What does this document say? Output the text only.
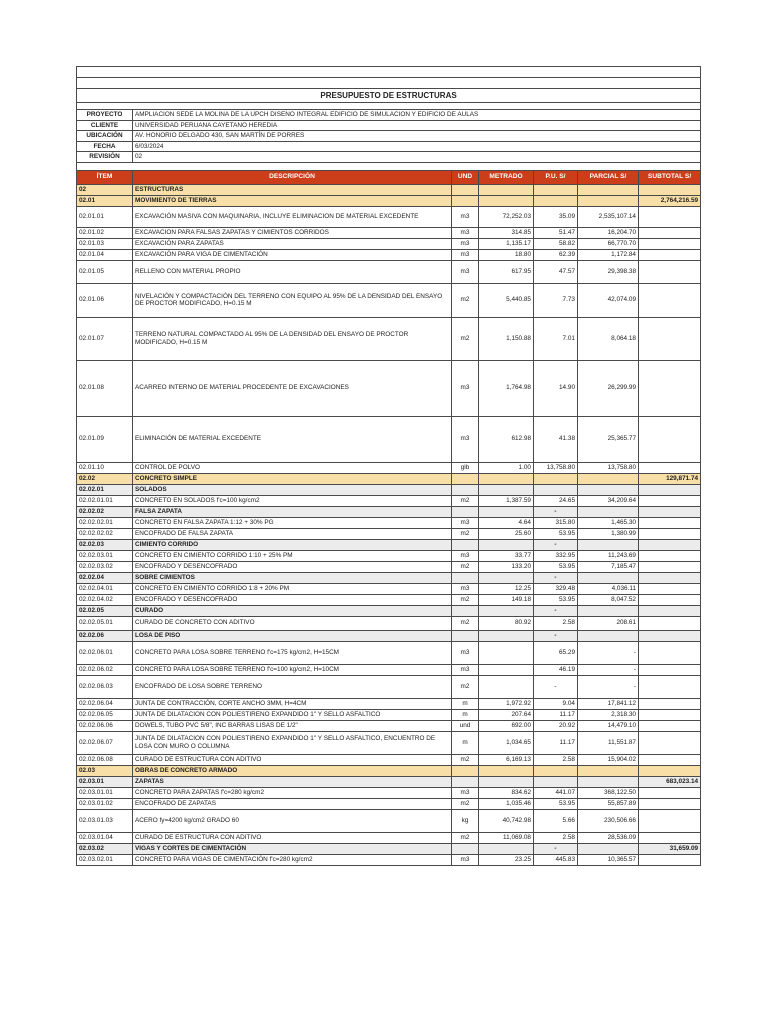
PRESUPUESTO DE ESTRUCTURAS						

PROYECTO	AMPLIACION SEDE LA MOLINA DE LA UPCH DISENO INTEGRAL EDIFICIO DE SIMULACION Y EDIFICIO DE AULAS					
CLIENTE	UNIVERSIDAD PERUANA CAYETANO HEREDIA					
UBICACIÓN	AV. HONORIO DELGADO 430, SAN MARTÍN DE PORRES					
FECHA	6/03/2024					
REVISIÓN	02					

ÍTEM	DESCRIPCIÓN	UND	METRADO	P.U. S/	PARCIAL S/	SUBTOTAL S/
02	ESTRUCTURAS					
02.01	MOVIMIENTO DE TIERRAS					2,764,216.59
02.01.01	EXCAVACIÓN MASIVA CON MAQUINARIA, INCLUYE ELIMINACION DE MATERIAL EXCEDENTE	m3	72,252.03	35.09	2,535,107.14	
02.01.02	EXCAVACION PARA FALSAS ZAPATAS Y CIMIENTOS CORRIDOS	m3	314.85	51.47	16,204.70	
02.01.03	EXCAVACIÓN PARA ZAPATAS	m3	1,135.17	58.82	66,770.70	
02.01.04	EXCAVACIÓN PARA VIGA DE CIMENTACIÓN	m3	18.80	62.39	1,172.84	
02.01.05	RELLENO CON MATERIAL PROPIO	m3	617.95	47.57	29,398.38	
02.01.06	NIVELACIÓN Y COMPACTACIÓN DEL TERRENO CON EQUIPO AL 95% DE LA DENSIDAD DEL ENSAYO DE PROCTOR MODIFICADO, H=0.15 M	m2	5,440.85	7.73	42,074.09	
02.01.07	TERRENO NATURAL COMPACTADO AL 95% DE LA DENSIDAD DEL ENSAYO DE PROCTOR MODIFICADO, H=0.15 M	m2	1,150.88	7.01	8,064.18	
02.01.08	ACARREO INTERNO DE MATERIAL PROCEDENTE DE EXCAVACIONES	m3	1,764.98	14.90	26,299.99	
02.01.09	ELIMINACIÓN DE MATERIAL EXCEDENTE	m3	612.98	41.38	25,365.77	
02.01.10	CONTROL DE POLVO	glb	1.00	13,758.80	13,758.80	
02.02	CONCRETO SIMPLE					129,871.74
02.02.01	SOLADOS					
02.02.01.01	CONCRETO EN SOLADOS f'c=100 kg/cm2	m2	1,387.59	24.65	34,209.64	
02.02.02	FALSA ZAPATA			-		
02.02.02.01	CONCRETO EN FALSA ZAPATA 1:12 + 30% PG	m3	4.64	315.80	1,465.30	
02.02.02.02	ENCOFRADO DE FALSA ZAPATA	m2	25.60	53.95	1,380.99	
02.02.03	CIMIENTO CORRIDO			-		
02.02.03.01	CONCRETO EN CIMIENTO CORRIDO 1:10 + 25% PM	m3	33.77	332.95	11,243.69	
02.02.03.02	ENCOFRADO Y DESENCOFRADO	m2	133.20	53.95	7,185.47	
02.02.04	SOBRE CIMIENTOS			-		
02.02.04.01	CONCRETO EN CIMIENTO CORRIDO 1:8 + 20% PM	m3	12.25	329.48	4,036.11	
02.02.04.02	ENCOFRADO Y DESENCOFRADO	m2	149.18	53.95	8,047.52	
02.02.05	CURADO			-		
02.02.05.01	CURADO DE CONCRETO CON ADITIVO	m2	80.92	2.58	208.61	
02.02.06	LOSA DE PISO			-		
02.02.06.01	CONCRETO PARA LOSA SOBRE TERRENO f'c=175 kg/cm2, H=15CM	m3		65.29	-	
02.02.06.02	CONCRETO PARA LOSA SOBRE TERRENO f'c=100 kg/cm2, H=10CM	m3		46.19	-	
02.02.06.03	ENCOFRADO DE LOSA SOBRE TERRENO	m2		-	-	
02.02.06.04	JUNTA DE CONTRACCIÓN, CORTE ANCHO 3MM, H=4CM	m	1,972.92	9.04	17,841.12	
02.02.06.05	JUNTA DE DILATACION CON POLIESTIRENO EXPANDIDO 1" Y SELLO ASFALTICO	m	207.64	11.17	2,318.30	
02.02.06.06	DOWELS, TUBO PVC 5/8", INC BARRAS LISAS DE 1/2"	und	692.00	20.92	14,479.10	
02.02.06.07	JUNTA DE DILATACION CON POLIESTIRENO EXPANDIDO 1" Y SELLO ASFALTICO, ENCUENTRO DE LOSA CON MURO O COLUMNA	m	1,034.65	11.17	11,551.87	
02.02.06.08	CURADO DE ESTRUCTURA CON ADITIVO	m2	6,169.13	2.58	15,904.02	
02.03	OBRAS DE CONCRETO ARMADO					
02.03.01	ZAPATAS					683,023.14
02.03.01.01	CONCRETO PARA ZAPATAS f'c=280 kg/cm2	m3	834.62	441.07	368,122.50	
02.03.01.02	ENCOFRADO DE ZAPATAS	m2	1,035.46	53.95	55,857.89	
02.03.01.03	ACERO fy=4200 kg/cm2 GRADO 60	kg	40,742.98	5.66	230,506.66	
02.03.01.04	CURADO DE ESTRUCTURA CON ADITIVO	m2	11,069.08	2.58	28,536.09	
02.03.02	VIGAS Y CORTES DE CIMENTACIÓN			-		31,659.09
02.03.02.01	CONCRETO PARA VIGAS DE CIMENTACIÓN f'c=280 kg/cm2	m3	23.25	445.83	10,365.57	
